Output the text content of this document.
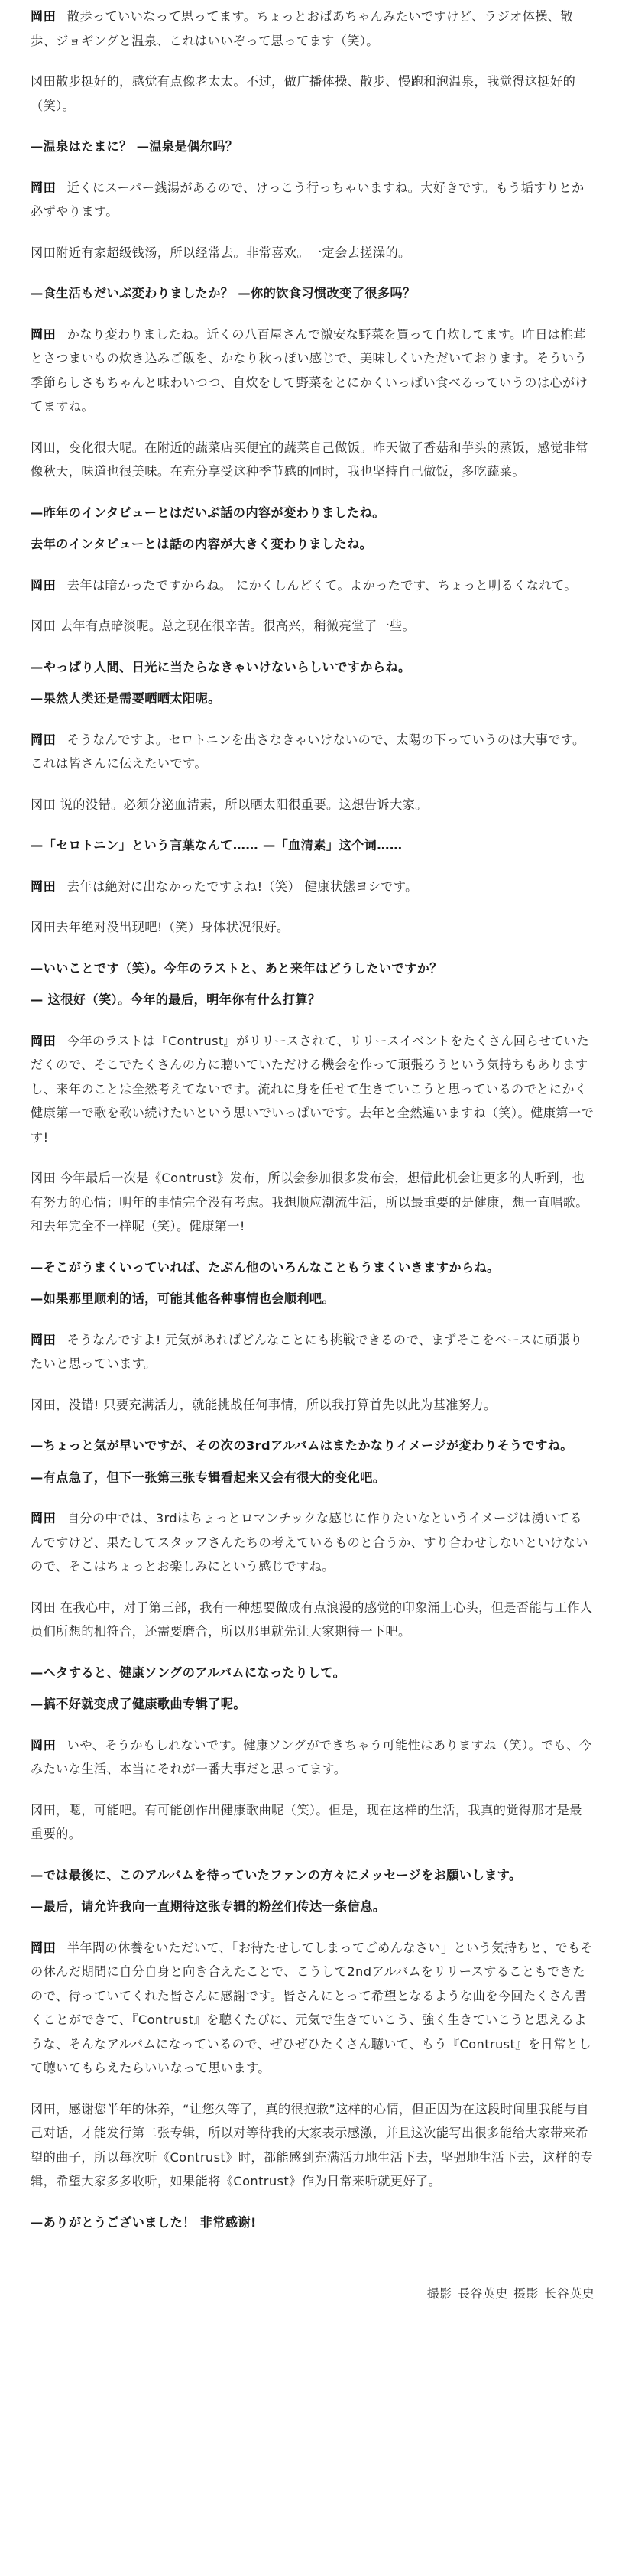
岡田 散歩っていいなって思ってます。ちょっとおばあちゃんみたいですけど、ラジオ体操、散歩、ジョギングと温泉、これはいいぞって思ってます（笑）。

冈田散步挺好的，感觉有点像老太太。不过，做广播体操、散步、慢跑和泡温泉，我觉得这挺好的（笑）。

—温泉はたまに？ —温泉是偶尔吗？

岡田 近くにスーパー銭湯があるので、けっこう行っちゃいますね。大好きです。もう垢すりとか必ずやります。

冈田附近有家超级钱汤，所以经常去。非常喜欢。一定会去搓澡的。

—食生活もだいぶ変わりましたか？ —你的饮食习惯改变了很多吗？

岡田 かなり変わりましたね。近くの八百屋さんで激安な野菜を買って自炊してます。昨日は椎茸とさつまいもの炊き込みご飯を、かなり秋っぽい感じで、美味しくいただいております。そういう季節らしさもちゃんと味わいつつ、自炊をして野菜をとにかくいっぱい食べるっていうのは心がけてますね。

冈田，变化很大呢。在附近的蔬菜店买便宜的蔬菜自己做饭。昨天做了香菇和芋头的蒸饭，感觉非常像秋天，味道也很美味。在充分享受这种季节感的同时，我也坚持自己做饭，多吃蔬菜。

—昨年のインタビューとはだいぶ話の内容が変わりましたね。

去年のインタビューとは話の内容が大きく変わりましたね。

岡田 去年は暗かったですからね。 にかくしんどくて。よかったです、ちょっと明るくなれて。

冈田 去年有点暗淡呢。总之现在很辛苦。很高兴，稍微亮堂了一些。

—やっぱり人間、日光に当たらなきゃいけないらしいですからね。

—果然人类还是需要晒晒太阳呢。

岡田 そうなんですよ。セロトニンを出さなきゃいけないので、太陽の下っていうのは大事です。これは皆さんに伝えたいです。

冈田 说的没错。必须分泌血清素，所以晒太阳很重要。这想告诉大家。

—「セロトニン」という言葉なんて…… —「血清素」这个词……

岡田 去年は絶対に出なかったですよね!（笑） 健康状態ヨシです。

冈田去年绝对没出现吧!（笑）身体状况很好。

—いいことです（笑）。今年のラストと、あと来年はどうしたいですか？

— 这很好（笑）。今年的最后，明年你有什么打算？

岡田 今年のラストは『Contrust』がリリースされて、リリースイベントをたくさん回らせていただくので、そこでたくさんの方に聴いていただける機会を作って頑張ろうという気持ちもありますし、来年のことは全然考えてないです。流れに身を任せて生きていこうと思っているのでとにかく健康第一で歌を歌い続けたいという思いでいっぱいです。去年と全然違いますね（笑）。健康第一です!

冈田 今年最后一次是《Contrust》发布，所以会参加很多发布会，想借此机会让更多的人听到，也有努力的心情；明年的事情完全没有考虑。我想顺应潮流生活，所以最重要的是健康，想一直唱歌。和去年完全不一样呢（笑）。健康第一!

—そこがうまくいっていれば、たぶん他のいろんなこともうまくいきますからね。

—如果那里顺利的话，可能其他各种事情也会顺利吧。

岡田 そうなんですよ! 元気があればどんなことにも挑戦できるので、まずそこをベースに頑張りたいと思っています。

冈田，没错! 只要充满活力，就能挑战任何事情，所以我打算首先以此为基准努力。

—ちょっと気が早いですが、その次の3rdアルバムはまたかなりイメージが変わりそうですね。

—有点急了，但下一张第三张专辑看起来又会有很大的变化吧。

岡田 自分の中では、3rdはちょっとロマンチックな感じに作りたいなというイメージは湧いてるんですけど、果たしてスタッフさんたちの考えているものと合うか、すり合わせしないといけないので、そこはちょっとお楽しみにという感じですね。

冈田 在我心中，对于第三部，我有一种想要做成有点浪漫的感觉的印象涌上心头，但是否能与工作人员们所想的相符合，还需要磨合，所以那里就先让大家期待一下吧。

—ヘタすると、健康ソングのアルバムになったりして。

—搞不好就变成了健康歌曲专辑了呢。

岡田 いや、そうかもしれないです。健康ソングができちゃう可能性はありますね（笑）。でも、今みたいな生活、本当にそれが一番大事だと思ってます。

冈田，嗯，可能吧。有可能创作出健康歌曲呢（笑）。但是，现在这样的生活，我真的觉得那才是最重要的。

—では最後に、このアルバムを待っていたファンの方々にメッセージをお願いします。

—最后，请允许我向一直期待这张专辑的粉丝们传达一条信息。

岡田 半年間の休養をいただいて、「お待たせしてしまってごめんなさい」という気持ちと、でもその休んだ期間に自分自身と向き合えたことで、こうして2ndアルバムをリリースすることもできたので、待っていてくれた皆さんに感謝です。皆さんにとって希望となるような曲を今回たくさん書くことができて、『Contrust』を聴くたびに、元気で生きていこう、強く生きていこうと思えるような、そんなアルバムになっているので、ぜひぜひたくさん聴いて、もう『Contrust』を日常として聴いてもらえたらいいなって思います。

冈田，感谢您半年的休养，“让您久等了，真的很抱歉”这样的心情，但正因为在这段时间里我能与自己对话，才能发行第二张专辑，所以对等待我的大家表示感激，并且这次能写出很多能给大家带来希望的曲子，所以每次听《Contrust》时，都能感到充满活力地生活下去，坚强地生活下去，这样的专辑，希望大家多多收听，如果能将《Contrust》作为日常来听就更好了。

—ありがとうございました！ 非常感谢!

撮影 長谷英史 摄影 长谷英史
